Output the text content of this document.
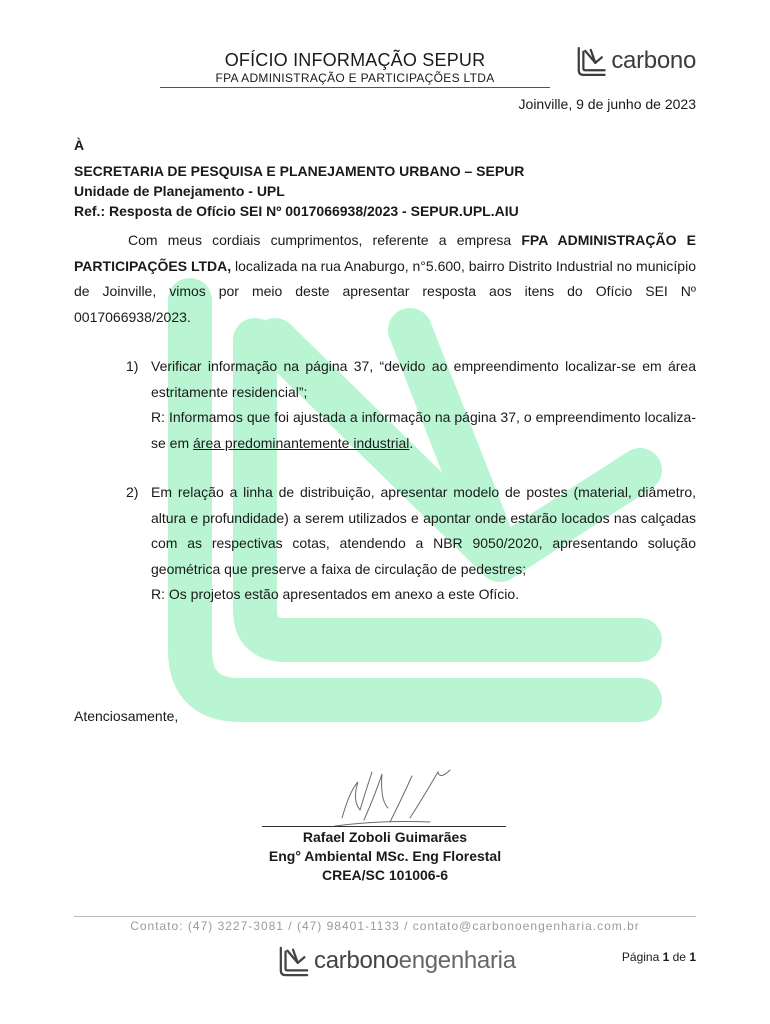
OFÍCIO INFORMAÇÃO SEPUR
FPA ADMINISTRAÇÃO E PARTICIPAÇÕES LTDA
carbono
Joinville, 9 de junho de 2023
À
SECRETARIA DE PESQUISA E PLANEJAMENTO URBANO – SEPUR
Unidade de Planejamento - UPL
Ref.: Resposta de Ofício SEI Nº 0017066938/2023 - SEPUR.UPL.AIU
Com meus cordiais cumprimentos, referente a empresa FPA ADMINISTRAÇÃO E PARTICIPAÇÕES LTDA, localizada na rua Anaburgo, n°5.600, bairro Distrito Industrial no município de Joinville, vimos por meio deste apresentar resposta aos itens do Ofício SEI Nº 0017066938/2023.
1) Verificar informação na página 37, “devido ao empreendimento localizar-se em área estritamente residencial”;
R: Informamos que foi ajustada a informação na página 37, o empreendimento localiza-se em área predominantemente industrial.
2) Em relação a linha de distribuição, apresentar modelo de postes (material, diâmetro, altura e profundidade) a serem utilizados e apontar onde estarão locados nas calçadas com as respectivas cotas, atendendo a NBR 9050/2020, apresentando solução geométrica que preserve a faixa de circulação de pedestres;
R: Os projetos estão apresentados em anexo a este Ofício.
Atenciosamente,
Rafael Zoboli Guimarães
Eng° Ambiental MSc. Eng Florestal
CREA/SC 101006-6
Contato: (47) 3227-3081 / (47) 98401-1133 / contato@carbonoengenharia.com.br
carbono engenharia	Página 1 de 1
